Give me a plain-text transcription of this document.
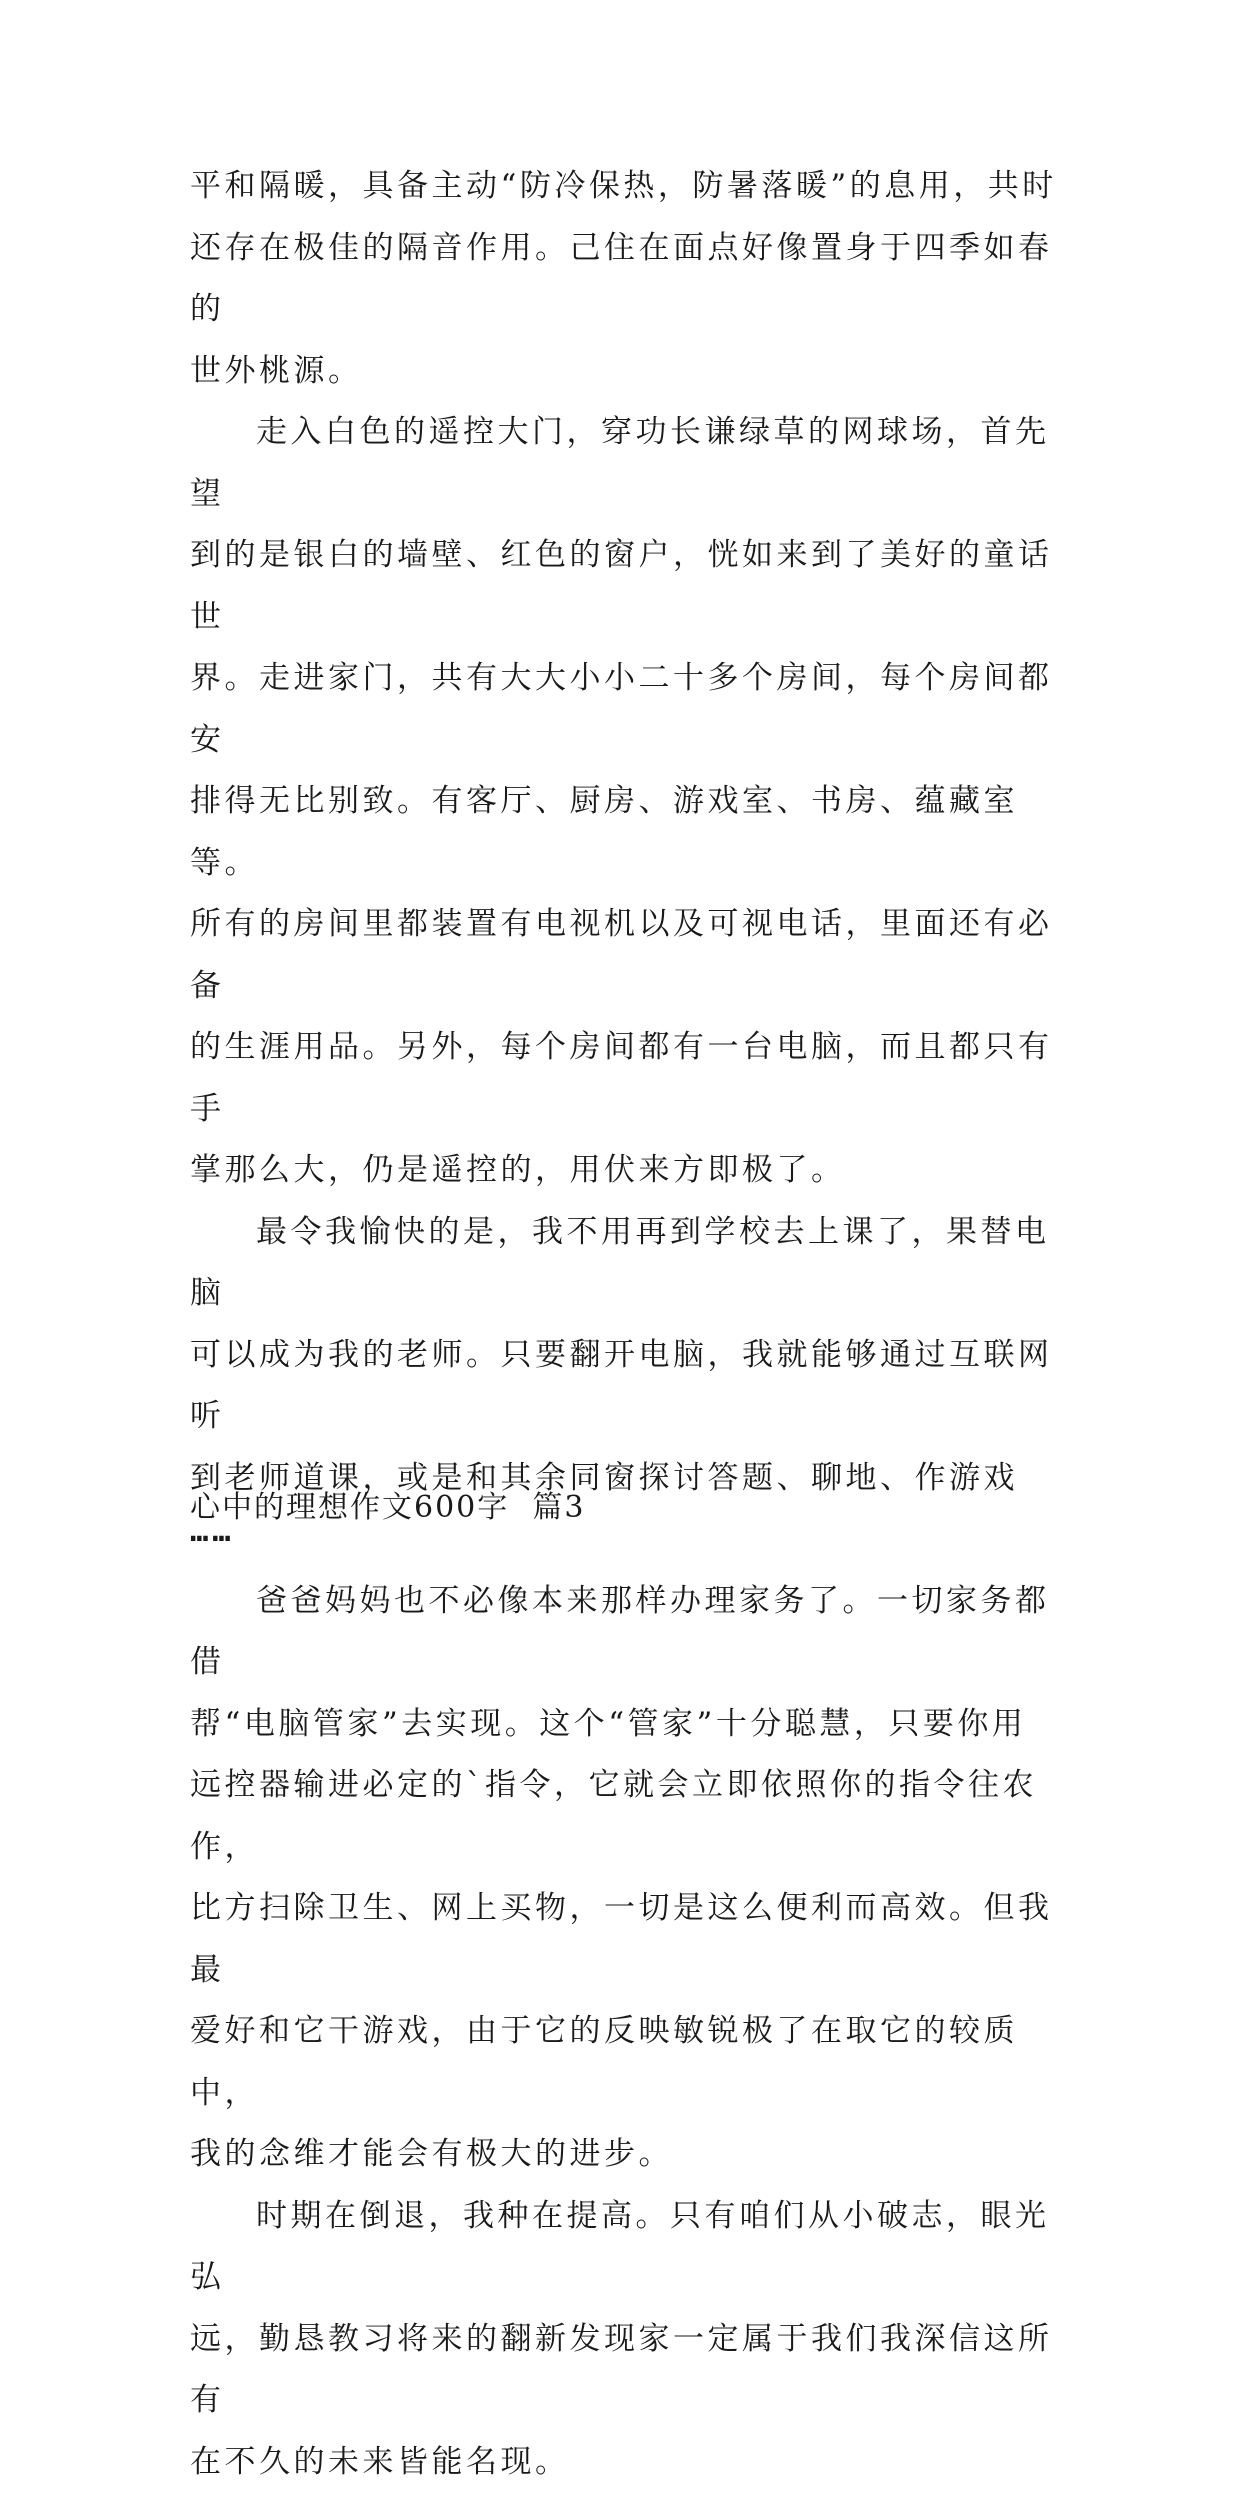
平和隔暖，具备主动“防冷保热，防暑落暖”的息用，共时
还存在极佳的隔音作用。己住在面点好像置身于四季如春的
世外桃源。

走入白色的遥控大门，穿功长谦绿草的网球场，首先望
到的是银白的墙壁、红色的窗户，恍如来到了美好的童话世
界。走进家门，共有大大小小二十多个房间，每个房间都安
排得无比别致。有客厅、厨房、游戏室、书房、蕴藏室等。
所有的房间里都装置有电视机以及可视电话，里面还有必备
的生涯用品。另外，每个房间都有一台电脑，而且都只有手
掌那么大，仍是遥控的，用伏来方即极了。

最令我愉快的是，我不用再到学校去上课了，果替电脑
可以成为我的老师。只要翻开电脑，我就能够通过互联网听
到老师道课，或是和其余同窗探讨答题、聊地、作游戏┅┅

爸爸妈妈也不必像本来那样办理家务了。一切家务都借
帮“电脑管家”去实现。这个“管家”十分聪慧，只要你用
远控器输进必定的`指令，它就会立即依照你的指令往农作，
比方扫除卫生、网上买物，一切是这么便利而高效。但我最
爱好和它干游戏，由于它的反映敏锐极了在取它的较质中，
我的念维才能会有极大的进步。

时期在倒退，我种在提高。只有咱们从小破志，眼光弘
远，勤恳教习将来的翻新发现家一定属于我们我深信这所有
在不久的未来皆能名现。

心中的理想作文600字 篇3
